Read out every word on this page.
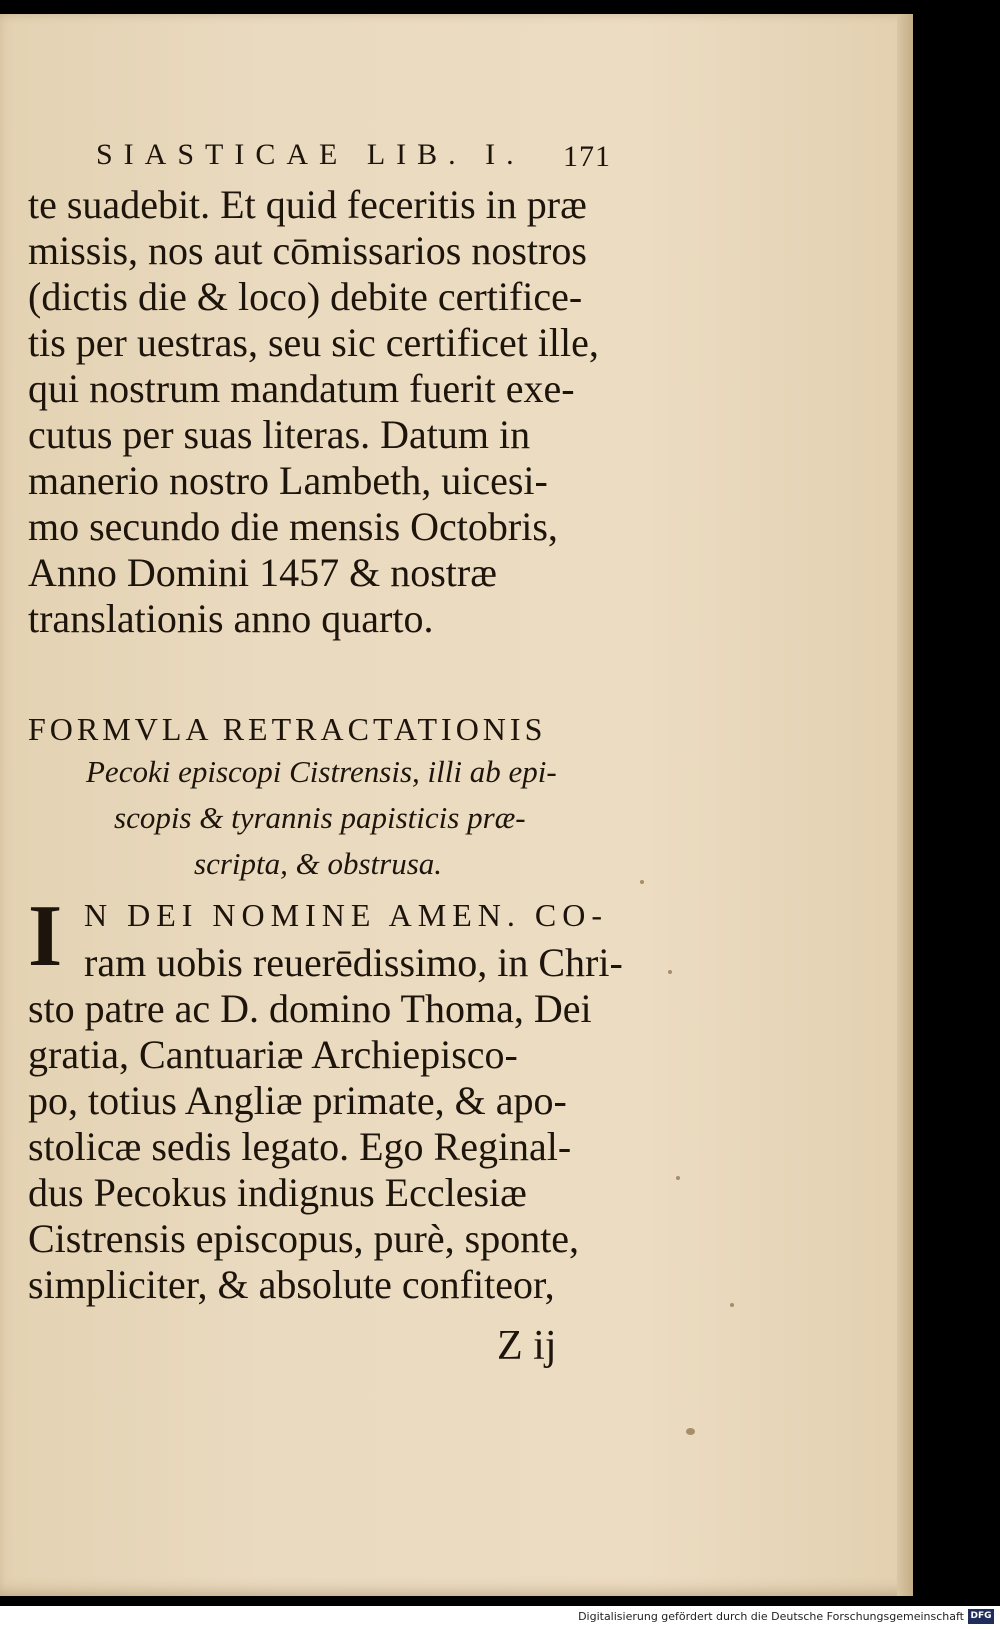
SIASTICAE LIB. I.	171
te suadebit. Et quid feceritis in præ
missis, nos aut cōmissarios nostros
(dictis die & loco) debite certifice-
tis per uestras, seu sic certificet ille,
qui nostrum mandatum fuerit exe-
cutus per suas literas. Datum in
manerio nostro Lambeth, uicesi-
mo secundo die mensis Octobris,
Anno Domini 1457 & nostræ
translationis anno quarto.
FORMVLA RETRACTATIONIS
Pecoki episcopi Cistrensis, illi ab epi-
scopis & tyrannis papisticis præ-
scripta, & obstrusa.
I N DEI NOMINE AMEN. CO-
ram uobis reuerēdissimo, in Chri-
sto patre ac D. domino Thoma, Dei
gratia, Cantuariæ Archiepisco-
po, totius Angliæ primate, & apo-
stolicæ sedis legato. Ego Reginal-
dus Pecokus indignus Ecclesiæ
Cistrensis episcopus, purè, sponte,
simpliciter, & absolute confiteor,
Z ij
Digitalisierung gefördert durch die Deutsche Forschungsgemeinschaft DFG
